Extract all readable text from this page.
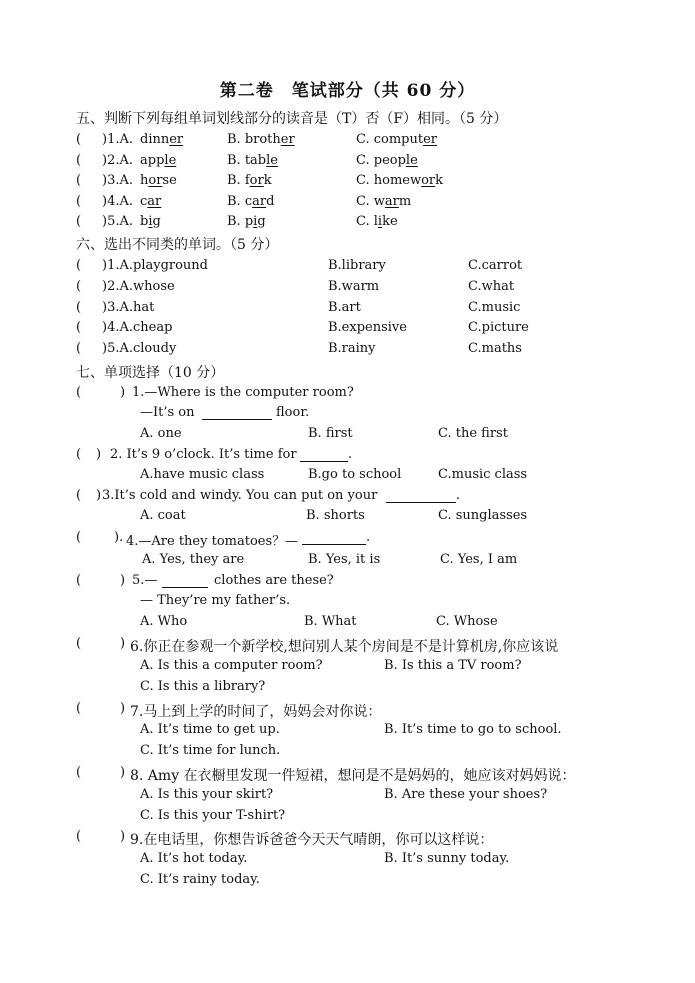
第二卷　笔试部分（共 60 分）
五、判断下列每组单词划线部分的读音是（T）否（F）相同。（5 分）
( )1.A. dinner	B. brother	C. computer
( )2.A. apple	B. table	C. people
( )3.A. horse	B. fork	C. homework
( )4.A. car	B. card	C. warm
( )5.A. big	B. pig	C. like
六、选出不同类的单词。（5 分）
( )1.A.playground	B.library	C.carrot
( )2.A.whose	B.warm	C.what
( )3.A.hat	B.art	C.music
( )4.A.cheap	B.expensive	C.picture
( )5.A.cloudy	B.rainy	C.maths
七、单项选择（10 分）
(	) 1.—Where is the computer room?
—It’s on	floor.
A. one	B. first	C. the first
( ) 2. It’s 9 o’clock. It’s time for	.
A.have music class	B.go to school	C.music class
( ) 3.It’s cold and windy. You can put on your	.
A. coat	B. shorts	C. sunglasses
(	). 4.—Are they tomatoes？—	.
A. Yes, they are	B. Yes, it is	C. Yes, I am
(	) 5.—	clothes are these?
— They’re my father’s.
A. Who	B. What	C. Whose
(	) 6.你正在参观一个新学校,想问别人某个房间是不是计算机房,你应该说
A. Is this a computer room?	B. Is this a TV room?
C. Is this a library?
(	) 7.马上到上学的时间了，妈妈会对你说：
A. It’s time to get up.	B. It’s time to go to school.
C. It’s time for lunch.
(	) 8. Amy 在衣橱里发现一件短裙，想问是不是妈妈的，她应该对妈妈说：
A. Is this your skirt?	B. Are these your shoes?
C. Is this your T-shirt?
(	) 9.在电话里，你想告诉爸爸今天天气晴朗，你可以这样说：
A. It’s hot today.	B. It’s sunny today.
C. It’s rainy today.
